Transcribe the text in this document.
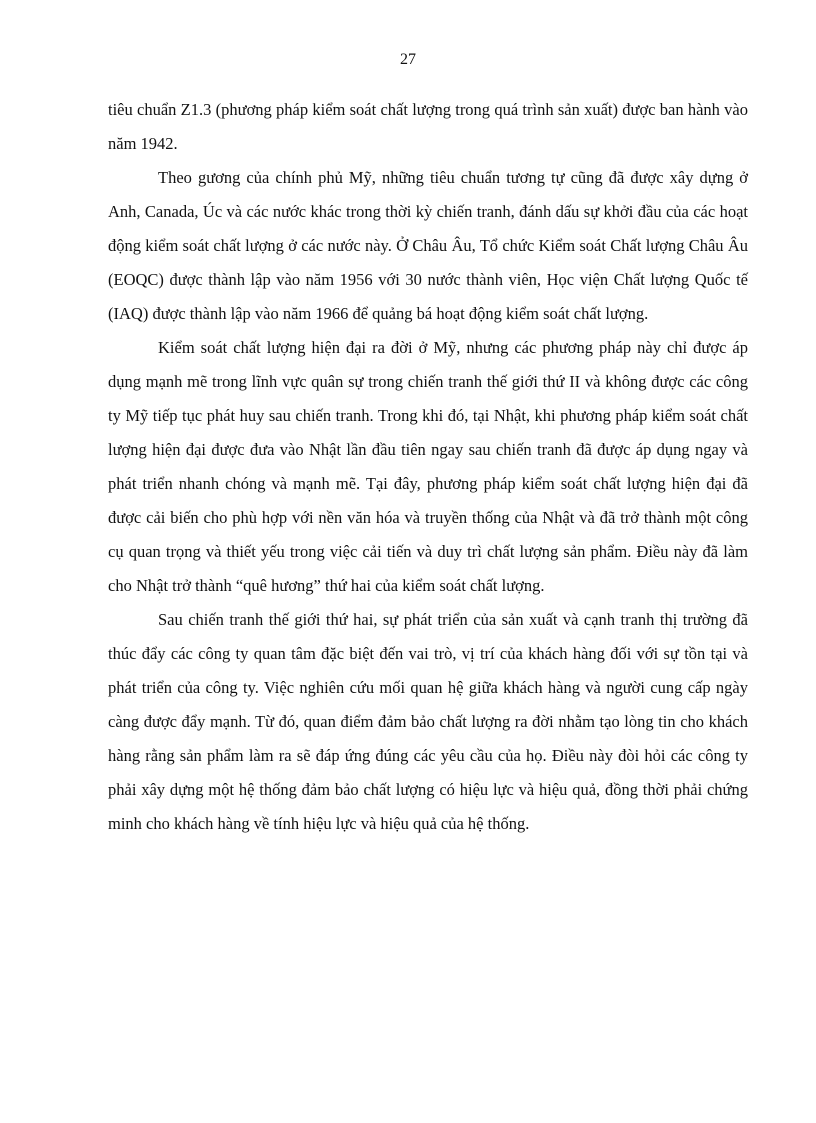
27

tiêu chuẩn Z1.3 (phương pháp kiểm soát chất lượng trong quá trình sản xuất) được ban hành vào năm 1942.

Theo gương của chính phủ Mỹ, những tiêu chuẩn tương tự cũng đã được xây dựng ở Anh, Canada, Úc và các nước khác trong thời kỳ chiến tranh, đánh dấu sự khởi đầu của các hoạt động kiểm soát chất lượng ở các nước này. Ở Châu Âu, Tổ chức Kiểm soát Chất lượng Châu Âu (EOQC) được thành lập vào năm 1956 với 30 nước thành viên, Học viện Chất lượng Quốc tế (IAQ) được thành lập vào năm 1966 để quảng bá hoạt động kiểm soát chất lượng.

Kiểm soát chất lượng hiện đại ra đời ở Mỹ, nhưng các phương pháp này chỉ được áp dụng mạnh mẽ trong lĩnh vực quân sự trong chiến tranh thế giới thứ II và không được các công ty Mỹ tiếp tục phát huy sau chiến tranh. Trong khi đó, tại Nhật, khi phương pháp kiểm soát chất lượng hiện đại được đưa vào Nhật lần đầu tiên ngay sau chiến tranh đã được áp dụng ngay và phát triển nhanh chóng và mạnh mẽ. Tại đây, phương pháp kiểm soát chất lượng hiện đại đã được cải biến cho phù hợp với nền văn hóa và truyền thống của Nhật và đã trở thành một công cụ quan trọng và thiết yếu trong việc cải tiến và duy trì chất lượng sản phẩm. Điều này đã làm cho Nhật trở thành “quê hương” thứ hai của kiểm soát chất lượng.

Sau chiến tranh thế giới thứ hai, sự phát triển của sản xuất và cạnh tranh thị trường đã thúc đẩy các công ty quan tâm đặc biệt đến vai trò, vị trí của khách hàng đối với sự tồn tại và phát triển của công ty. Việc nghiên cứu mối quan hệ giữa khách hàng và người cung cấp ngày càng được đẩy mạnh. Từ đó, quan điểm đảm bảo chất lượng ra đời nhằm tạo lòng tin cho khách hàng rằng sản phẩm làm ra sẽ đáp ứng đúng các yêu cầu của họ. Điều này đòi hỏi các công ty phải xây dựng một hệ thống đảm bảo chất lượng có hiệu lực và hiệu quả, đồng thời phải chứng minh cho khách hàng về tính hiệu lực và hiệu quả của hệ thống.
